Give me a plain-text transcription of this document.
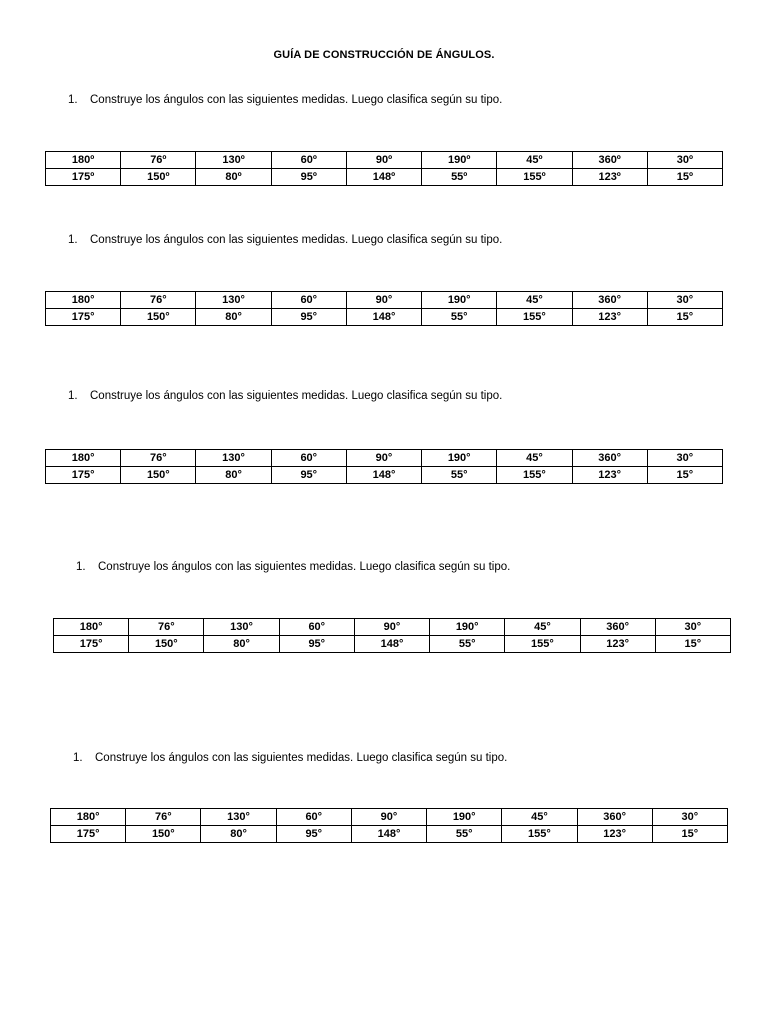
GUÍA DE CONSTRUCCIÓN DE ÁNGULOS.
1. Construye los ángulos con las siguientes medidas. Luego clasifica según su tipo.
180º	76º	130º	60º	90º	190º	45º	360º	30º
175º	150º	80º	95º	148º	55º	155º	123º	15º
1. Construye los ángulos con las siguientes medidas. Luego clasifica según su tipo.
180°	76°	130°	60°	90°	190°	45°	360°	30°
175°	150°	80°	95°	148°	55°	155°	123°	15°
1. Construye los ángulos con las siguientes medidas. Luego clasifica según su tipo.
180°	76°	130°	60°	90°	190°	45°	360°	30°
175°	150°	80°	95°	148°	55°	155°	123°	15°
1. Construye los ángulos con las siguientes medidas. Luego clasifica según su tipo.
180°	76°	130°	60°	90°	190°	45°	360°	30°
175°	150°	80°	95°	148°	55°	155°	123°	15°
1. Construye los ángulos con las siguientes medidas. Luego clasifica según su tipo.
180°	76°	130°	60°	90°	190°	45°	360°	30°
175°	150°	80°	95°	148°	55°	155°	123°	15°
